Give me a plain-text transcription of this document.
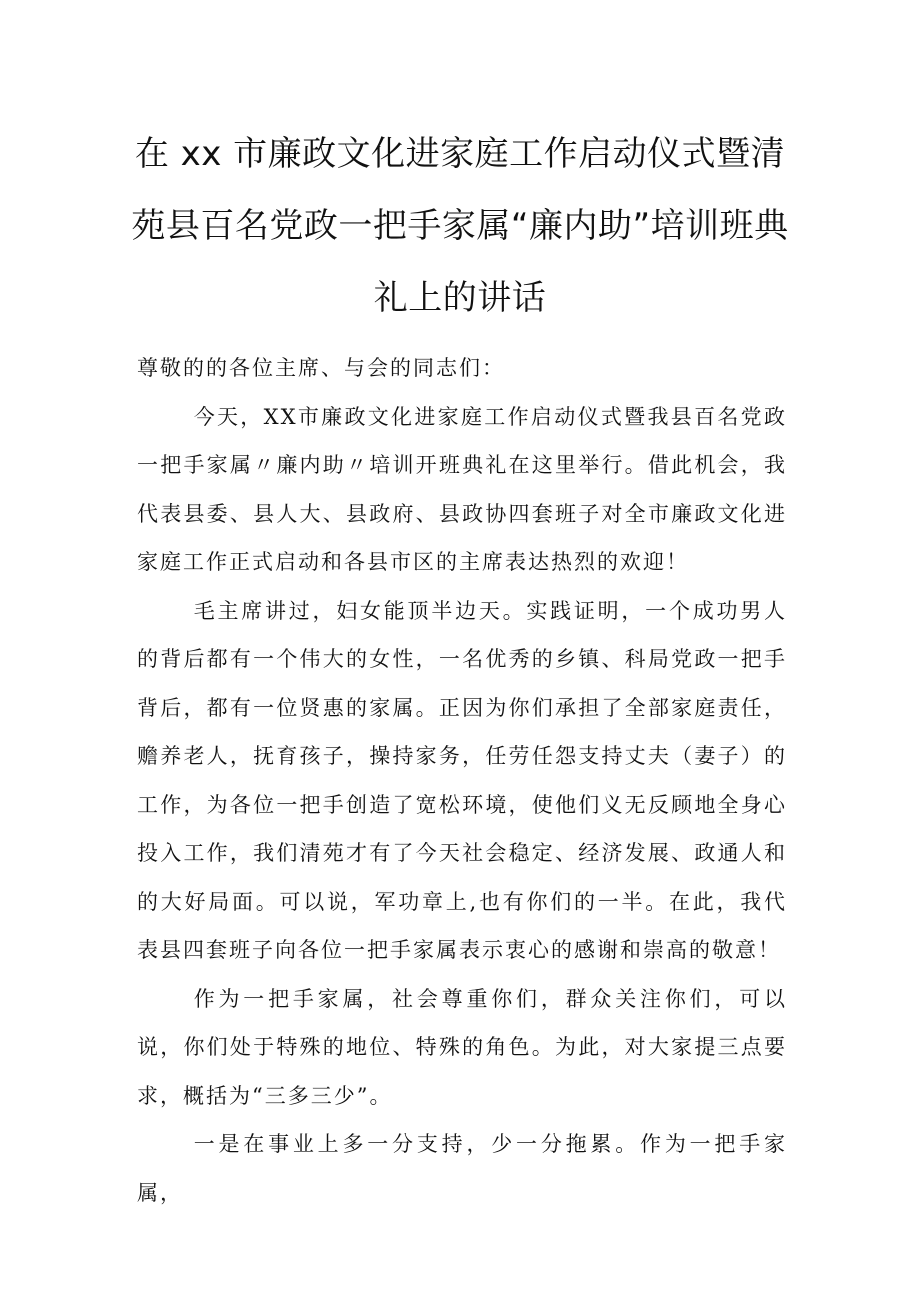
在 xx 市廉政文化进家庭工作启动仪式暨清
苑县百名党政一把手家属“廉内助”培训班典
礼上的讲话

尊敬的的各位主席、与会的同志们：

今天，XX市廉政文化进家庭工作启动仪式暨我县百名党政一把手家属〃廉内助〃培训开班典礼在这里举行。借此机会，我代表县委、县人大、县政府、县政协四套班子对全市廉政文化进家庭工作正式启动和各县市区的主席表达热烈的欢迎！

毛主席讲过，妇女能顶半边天。实践证明，一个成功男人的背后都有一个伟大的女性，一名优秀的乡镇、科局党政一把手背后，都有一位贤惠的家属。正因为你们承担了全部家庭责任，赡养老人，抚育孩子，操持家务，任劳任怨支持丈夫（妻子）的工作，为各位一把手创造了宽松环境，使他们义无反顾地全身心投入工作，我们清苑才有了今天社会稳定、经济发展、政通人和的大好局面。可以说，军功章上,也有你们的一半。在此，我代表县四套班子向各位一把手家属表示衷心的感谢和崇高的敬意！

作为一把手家属，社会尊重你们，群众关注你们，可以说，你们处于特殊的地位、特殊的角色。为此，对大家提三点要求，概括为“三多三少”。

一是在事业上多一分支持，少一分拖累。作为一把手家属，
